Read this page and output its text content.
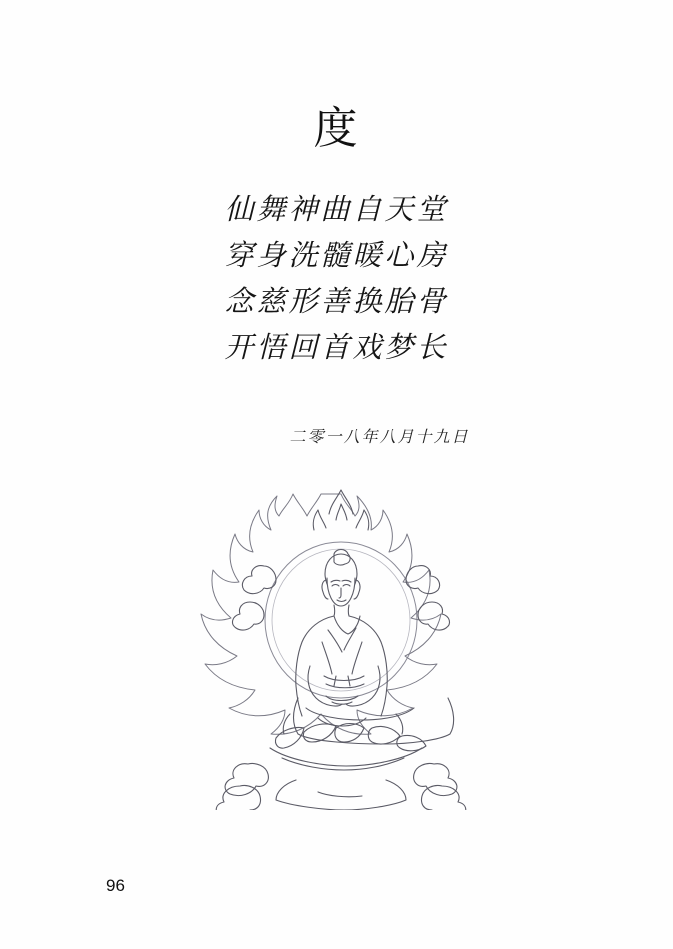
度
仙舞神曲自天堂
穿身洗髓暖心房
念慈形善换胎骨
开悟回首戏梦长
二零一八年八月十九日
96
